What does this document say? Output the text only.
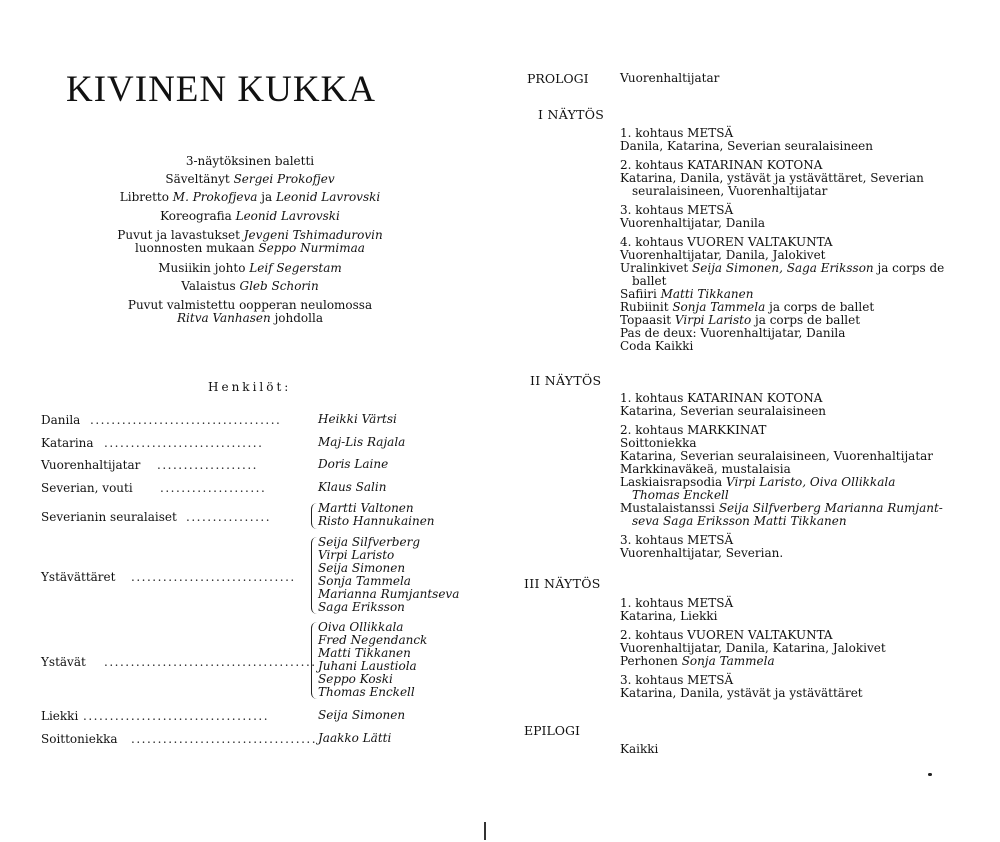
KIVINEN KUKKA
3-näytöksinen baletti
Säveltänyt Sergei Prokofjev
Libretto M. Prokofjeva ja Leonid Lavrovski
Koreografia Leonid Lavrovski
Puvut ja lavastukset Jevgeni Tshimadurovin
luonnosten mukaan Seppo Nurmimaa
Musiikin johto Leif Segerstam
Valaistus Gleb Schorin
Puvut valmistettu oopperan neulomossa
Ritva Vanhasen johdolla
Henkilöt:
Danila ....................................	Heikki Värtsi
Katarina ..............................	Maj-Lis Rajala
Vuorenhaltijatar ...................	Doris Laine
Severian, vouti ....................	Klaus Salin
Severianin seuralaiset ................
Martti Valtonen
Risto Hannukainen
Ystävättäret ...............................
Seija Silfverberg
Virpi Laristo
Seija Simonen
Sonja Tammela
Marianna Rumjantseva
Saga Eriksson
Ystävät ........................................
Oiva Ollikkala
Fred Negendanck
Matti Tikkanen
Juhani Laustiola
Seppo Koski
Thomas Enckell
Liekki ...................................	Seija Simonen
Soittoniekka ................................... Jaakko Lätti
PROLOGI	Vuorenhaltijatar
I NÄYTÖS
1. kohtaus METSÄ
Danila, Katarina, Severian seuralaisineen
2. kohtaus KATARINAN KOTONA
Katarina, Danila, ystävät ja ystävättäret, Severian
seuralaisineen, Vuorenhaltijatar
3. kohtaus METSÄ
Vuorenhaltijatar, Danila
4. kohtaus VUOREN VALTAKUNTA
Vuorenhaltijatar, Danila, Jalokivet
Uralinkivet Seija Simonen, Saga Eriksson ja corps de
ballet
Safiiri Matti Tikkanen
Rubiinit Sonja Tammela ja corps de ballet
Topaasit Virpi Laristo ja corps de ballet
Pas de deux: Vuorenhaltijatar, Danila
Coda Kaikki
II NÄYTÖS
1. kohtaus KATARINAN KOTONA
Katarina, Severian seuralaisineen
2. kohtaus MARKKINAT
Soittoniekka
Katarina, Severian seuralaisineen, Vuorenhaltijatar
Markkinaväkeä, mustalaisia
Laskiaisrapsodia Virpi Laristo, Oiva Ollikkala
Thomas Enckell
Mustalaistanssi Seija Silfverberg Marianna Rumjant-
seva Saga Eriksson Matti Tikkanen
3. kohtaus METSÄ
Vuorenhaltijatar, Severian.
III NÄYTÖS
1. kohtaus METSÄ
Katarina, Liekki
2. kohtaus VUOREN VALTAKUNTA
Vuorenhaltijatar, Danila, Katarina, Jalokivet
Perhonen Sonja Tammela
3. kohtaus METSÄ
Katarina, Danila, ystävät ja ystävättäret
EPILOGI
Kaikki
